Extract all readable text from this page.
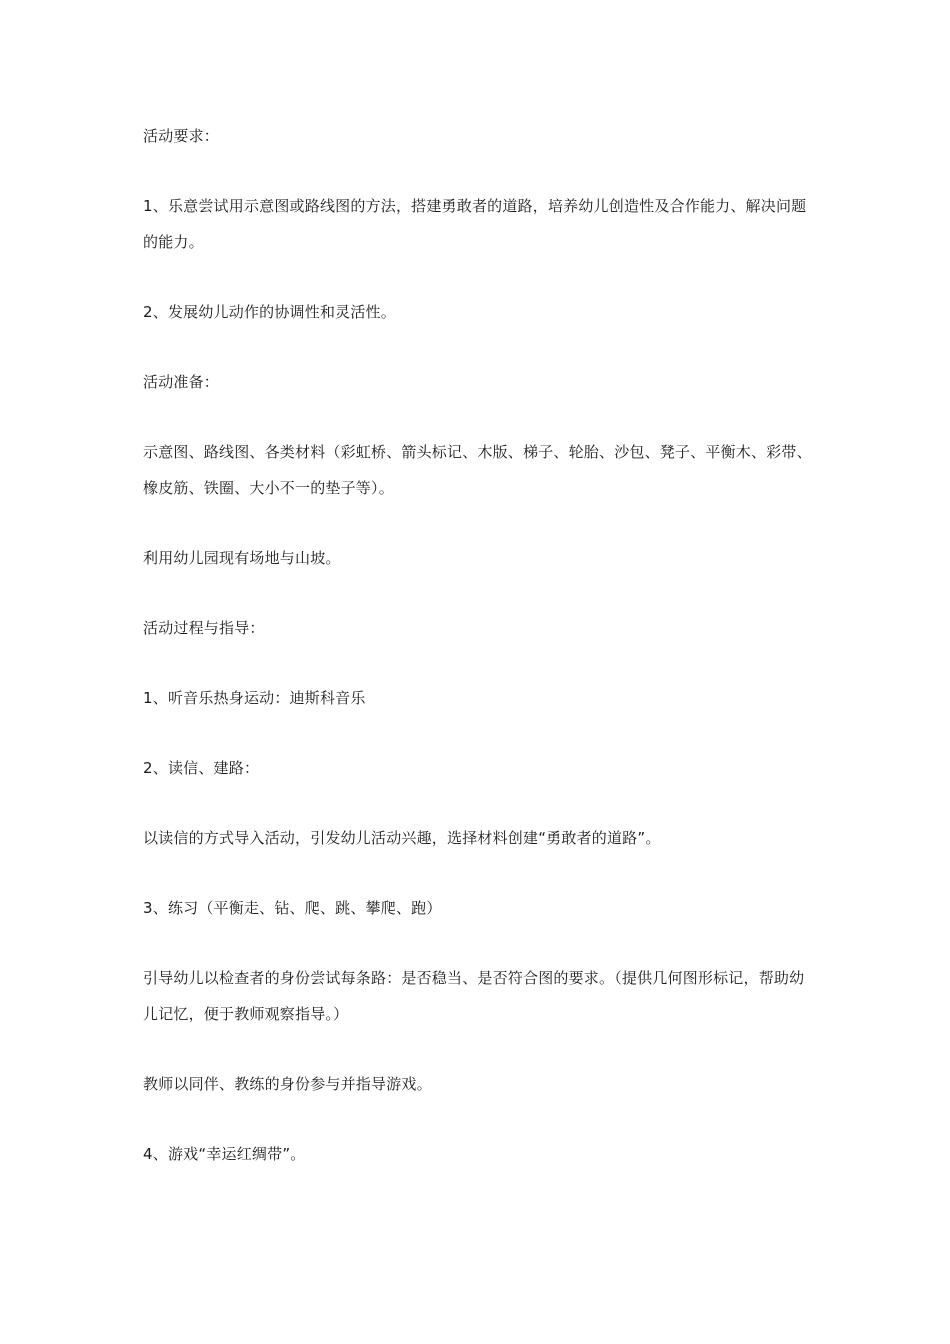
活动要求：

1、乐意尝试用示意图或路线图的方法，搭建勇敢者的道路，培养幼儿创造性及合作能力、解决问题的能力。

2、发展幼儿动作的协调性和灵活性。

活动准备：

示意图、路线图、各类材料（彩虹桥、箭头标记、木版、梯子、轮胎、沙包、凳子、平衡木、彩带、橡皮筋、铁圈、大小不一的垫子等）。

利用幼儿园现有场地与山坡。

活动过程与指导：

1、听音乐热身运动：迪斯科音乐

2、读信、建路：

以读信的方式导入活动，引发幼儿活动兴趣，选择材料创建“勇敢者的道路”。

3、练习（平衡走、钻、爬、跳、攀爬、跑）

引导幼儿以检查者的身份尝试每条路：是否稳当、是否符合图的要求。（提供几何图形标记，帮助幼儿记忆，便于教师观察指导。）

教师以同伴、教练的身份参与并指导游戏。

4、游戏“幸运红绸带”。
